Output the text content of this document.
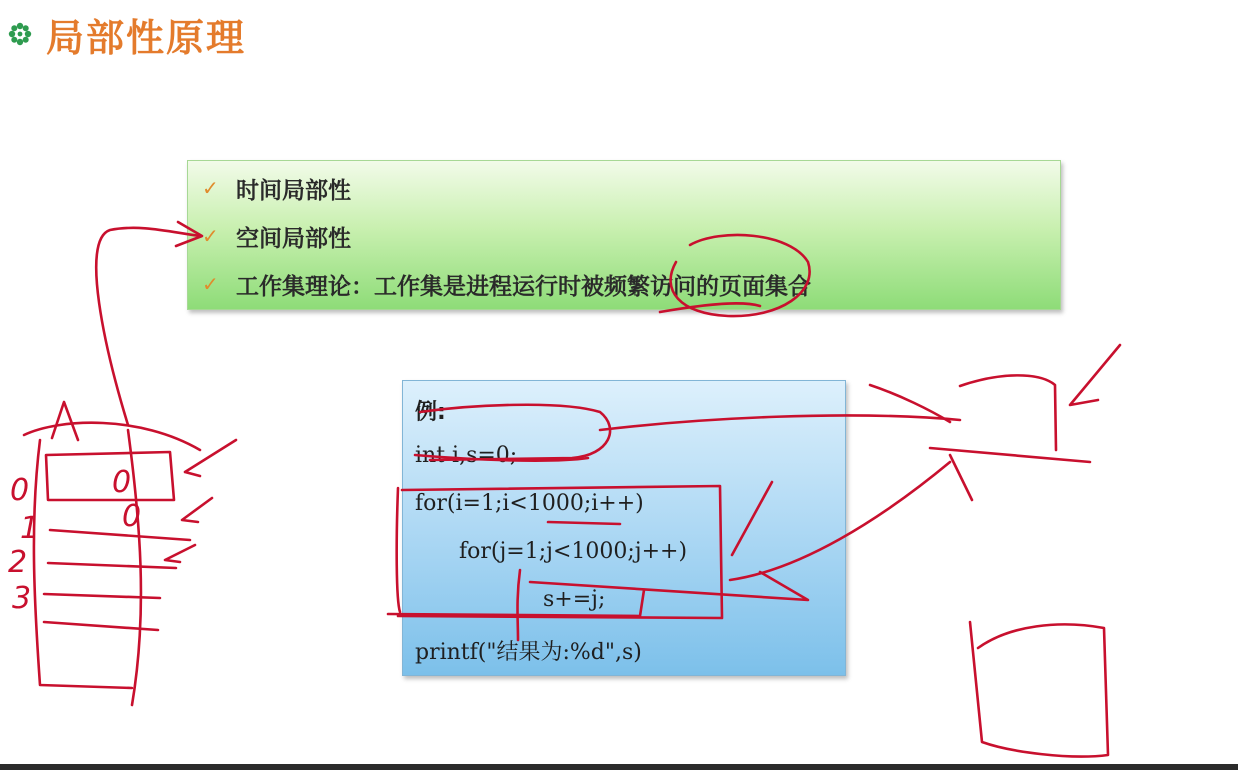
局部性原理
✓ 时间局部性
✓ 空间局部性
✓ 工作集理论：工作集是进程运行时被频繁访问的页面集合
例:
int i,s=0;
for(i=1;i<1000;i++)
for(j=1;j<1000;j++)
s+=j;
printf("结果为:%d",s)
0
1
2
3
0
0
